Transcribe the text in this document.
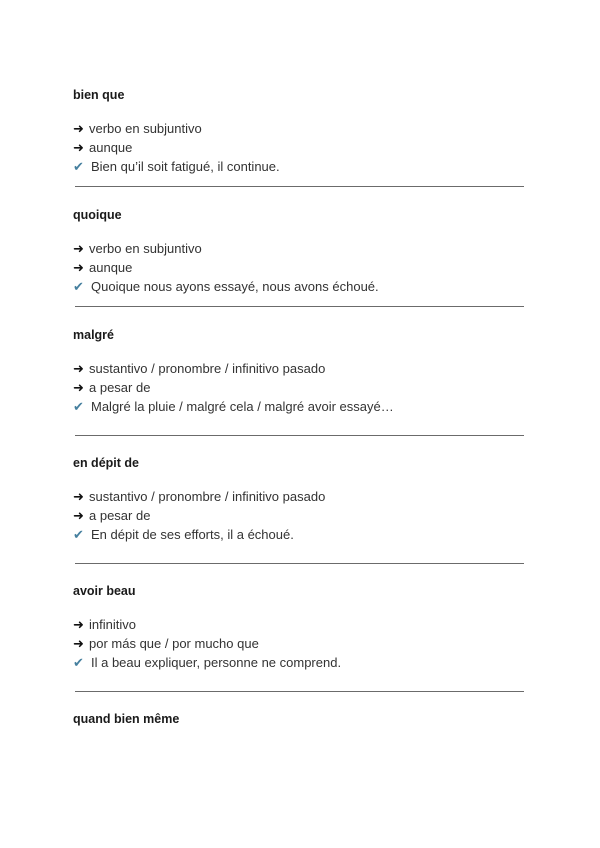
bien que
➜ verbo en subjuntivo
➜ aunque
✔ Bien qu’il soit fatigué, il continue.
quoique
➜ verbo en subjuntivo
➜ aunque
✔ Quoique nous ayons essayé, nous avons échoué.
malgré
➜ sustantivo / pronombre / infinitivo pasado
➜ a pesar de
✔ Malgré la pluie / malgré cela / malgré avoir essayé…
en dépit de
➜ sustantivo / pronombre / infinitivo pasado
➜ a pesar de
✔ En dépit de ses efforts, il a échoué.
avoir beau
➜ infinitivo
➜ por más que / por mucho que
✔ Il a beau expliquer, personne ne comprend.
quand bien même
